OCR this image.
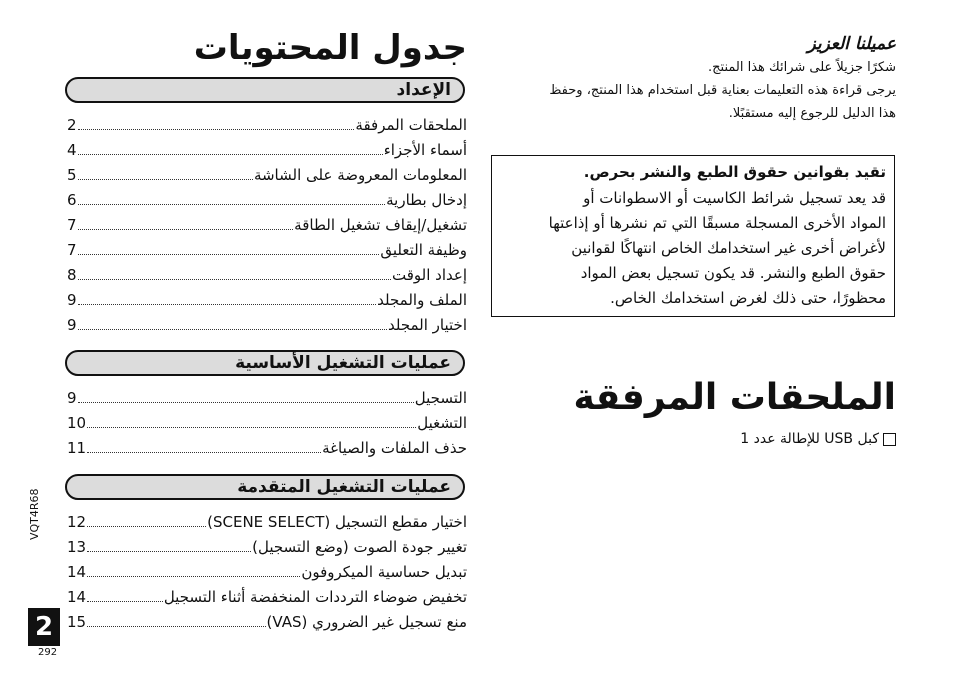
جدول المحتويات
الإعداد
2	الملحقات المرفقة
4	أسماء الأجزاء
5	المعلومات المعروضة على الشاشة
6	إدخال بطارية
7	تشغيل/إيقاف تشغيل الطاقة
7	وظيفة التعليق
8	إعداد الوقت
9	الملف والمجلد
9	اختيار المجلد
عمليات التشغيل الأساسية
9	التسجيل
10	التشغيل
11	حذف الملفات والصياغة
عمليات التشغيل المتقدمة
12	اختيار مقطع التسجيل (SCENE SELECT)
13	تغيير جودة الصوت (وضع التسجيل)
14	تبديل حساسية الميكروفون
14	تخفيض ضوضاء الترددات المنخفضة أثناء التسجيل
15	منع تسجيل غير الضروري (VAS)
VQT4R68
2
292
عميلنا العزيز
شكرًا جزيلاً على شرائك هذا المنتج.
يرجى قراءة هذه التعليمات بعناية قبل استخدام هذا المنتج، وحفظ
هذا الدليل للرجوع إليه مستقبًلا.
تقيد بقوانين حقوق الطبع والنشر بحرص.
قد يعد تسجيل شرائط الكاسيت أو الاسطوانات أو
المواد الأخرى المسجلة مسبقًا التي تم نشرها أو إذاعتها
لأغراض أخرى غير استخدامك الخاص انتهاكًا لقوانين
حقوق الطبع والنشر. قد يكون تسجيل بعض المواد
محظورًا، حتى ذلك لغرض استخدامك الخاص.
الملحقات المرفقة
كبل USB للإطالة عدد 1
